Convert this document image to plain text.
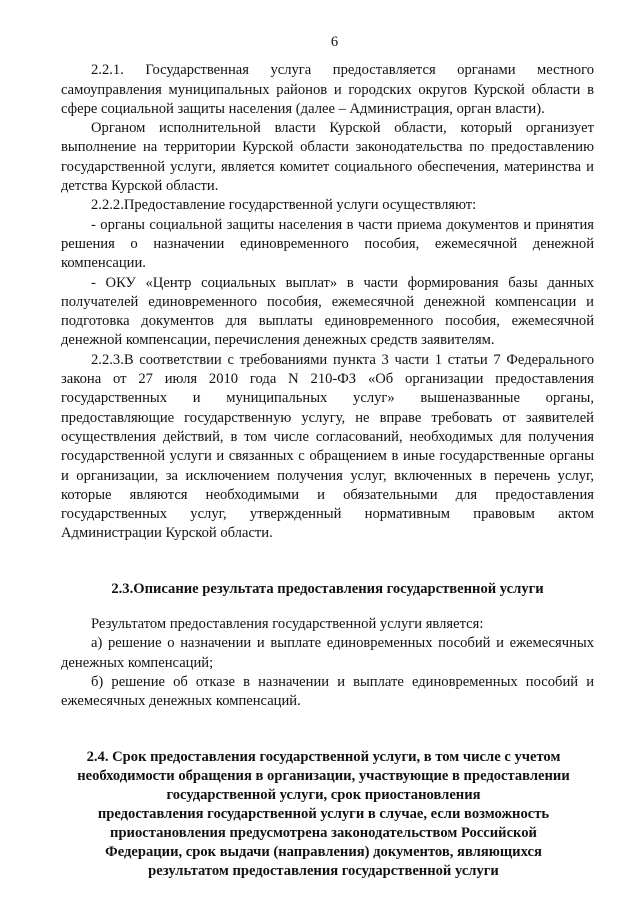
6

2.2.1. Государственная услуга предоставляется органами местного самоуправления муниципальных районов и городских округов Курской области в сфере социальной защиты населения (далее – Администрация, орган власти).

Органом исполнительной власти Курской области, который организует выполнение на территории Курской области законодательства по предоставлению государственной услуги, является комитет социального обеспечения, материнства и детства Курской области.

2.2.2.Предоставление государственной услуги осуществляют:

- органы социальной защиты населения в части приема документов и принятия решения о назначении единовременного пособия, ежемесячной денежной компенсации.

- ОКУ «Центр социальных выплат» в части формирования базы данных получателей единовременного пособия, ежемесячной денежной компенсации и подготовка документов для выплаты единовременного пособия, ежемесячной денежной компенсации, перечисления денежных средств заявителям.

2.2.3.В соответствии с требованиями пункта 3 части 1 статьи 7 Федерального закона от 27 июля 2010 года N 210-ФЗ «Об организации предоставления государственных и муниципальных услуг» вышеназванные органы, предоставляющие государственную услугу, не вправе требовать от заявителей осуществления действий, в том числе согласований, необходимых для получения государственной услуги и связанных с обращением в иные государственные органы и организации, за исключением получения услуг, включенных в перечень услуг, которые являются необходимыми и обязательными для предоставления государственных услуг, утвержденный нормативным правовым актом Администрации Курской области.

2.3.Описание результата предоставления государственной услуги

Результатом предоставления государственной услуги является:

а) решение о назначении и выплате единовременных пособий и ежемесячных денежных компенсаций;

б) решение об отказе в назначении и выплате единовременных пособий и ежемесячных денежных компенсаций.

2.4. Срок предоставления государственной услуги, в том числе с учетом
необходимости обращения в организации, участвующие в предоставлении
государственной услуги, срок приостановления
предоставления государственной услуги в случае, если возможность
приостановления предусмотрена законодательством Российской
Федерации, срок выдачи (направления) документов, являющихся
результатом предоставления государственной услуги
